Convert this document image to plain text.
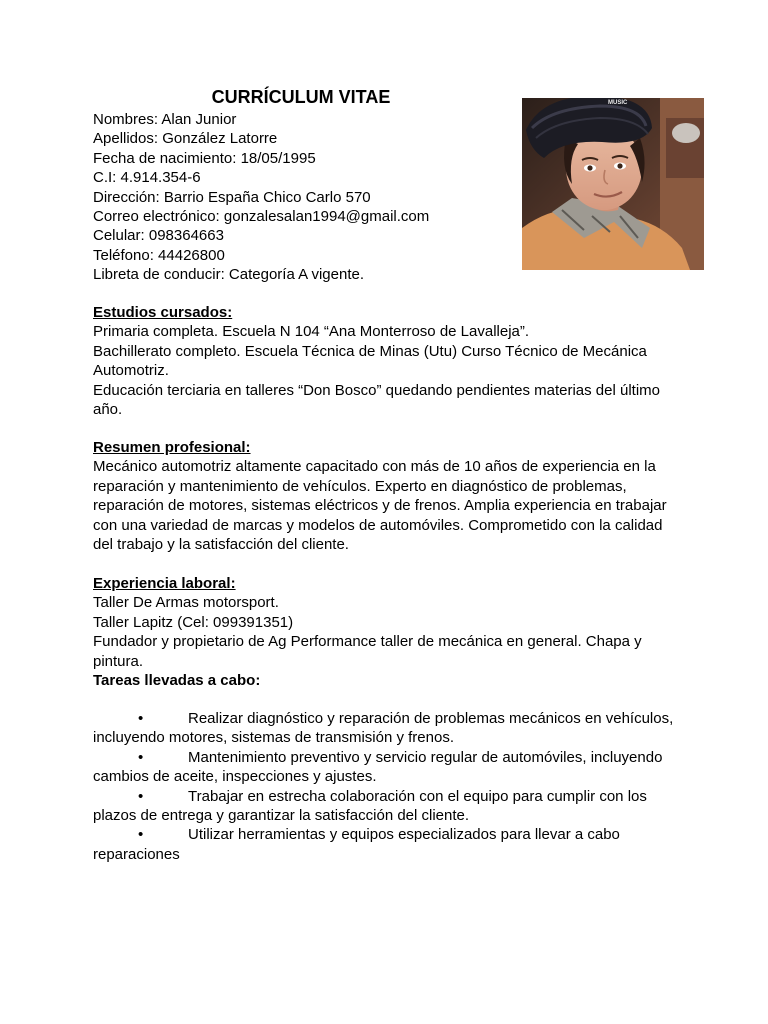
CURRÍCULUM VITAE

Nombres: Alan Junior

Apellidos: González Latorre

Fecha de nacimiento: 18/05/1995

C.I: 4.914.354-6

Dirección: Barrio España Chico Carlo 570

Correo electrónico: gonzalesalan1994@gmail.com

Celular: 098364663

Teléfono: 44426800

Libreta de conducir: Categoría A vigente.

MUSIC

Estudios cursados:

Primaria completa. Escuela N 104 “Ana Monterroso de Lavalleja”.

Bachillerato completo. Escuela Técnica de Minas (Utu) Curso Técnico de Mecánica Automotriz.

Educación terciaria en talleres “Don Bosco” quedando pendientes materias del último año.

Resumen profesional:

Mecánico automotriz altamente capacitado con más de 10 años de experiencia en la reparación y mantenimiento de vehículos. Experto en diagnóstico de problemas, reparación de motores, sistemas eléctricos y de frenos. Amplia experiencia en trabajar con una variedad de marcas y modelos de automóviles. Comprometido con la calidad del trabajo y la satisfacción del cliente.

Experiencia laboral:

Taller De Armas motorsport.

Taller Lapitz (Cel: 099391351)

Fundador y propietario de Ag Performance taller de mecánica en general. Chapa y pintura.

Tareas llevadas a cabo:

•	Realizar diagnóstico y reparación de problemas mecánicos en vehículos, incluyendo motores, sistemas de transmisión y frenos.

•	Mantenimiento preventivo y servicio regular de automóviles, incluyendo cambios de aceite, inspecciones y ajustes.

•	Trabajar en estrecha colaboración con el equipo para cumplir con los plazos de entrega y garantizar la satisfacción del cliente.

•	Utilizar herramientas y equipos especializados para llevar a cabo reparaciones
